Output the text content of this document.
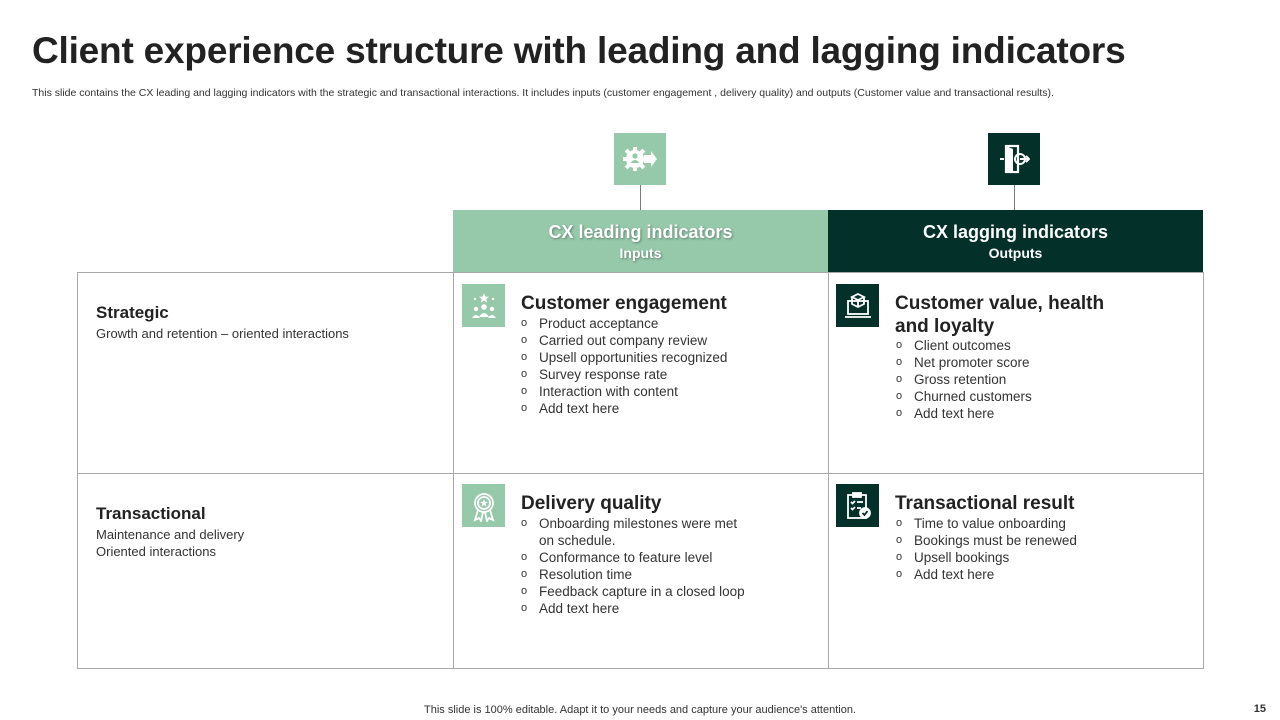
Client experience structure with leading and lagging indicators
This slide contains the CX leading and lagging indicators with the strategic and transactional interactions. It includes inputs (customer engagement , delivery quality) and outputs (Customer value and transactional results).
CX leading indicators
Inputs
CX lagging indicators
Outputs
Strategic
Growth and retention – oriented interactions
Transactional
Maintenance and delivery
Oriented interactions
Customer engagement
o Product acceptance
o Carried out company review
o Upsell opportunities recognized
o Survey response rate
o Interaction with content
o Add text here
Customer value, health
and loyalty
o Client outcomes
o Net promoter score
o Gross retention
o Churned customers
o Add text here
Delivery quality
o Onboarding milestones were met on schedule.
o Conformance to feature level
o Resolution time
o Feedback capture in a closed loop
o Add text here
Transactional result
o Time to value onboarding
o Bookings must be renewed
o Upsell bookings
o Add text here
This slide is 100% editable. Adapt it to your needs and capture your audience's attention.	15
